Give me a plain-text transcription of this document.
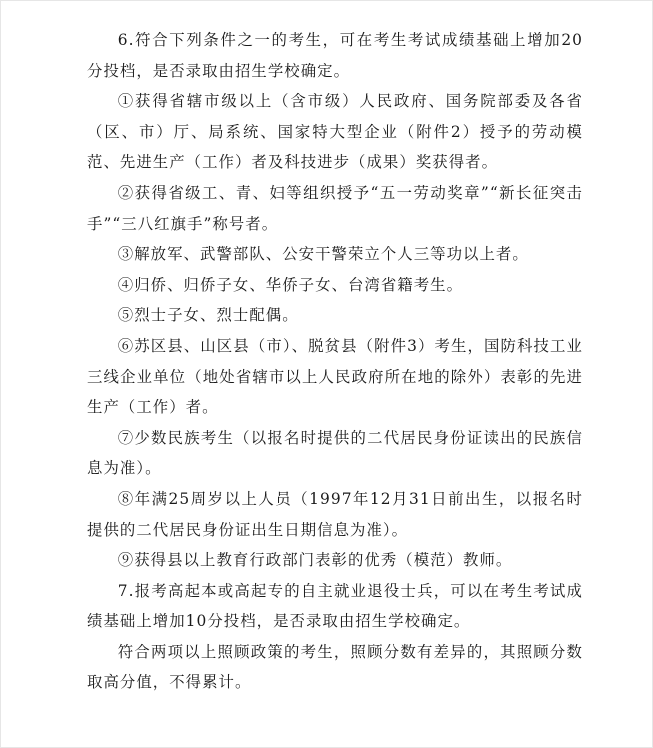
6.符合下列条件之一的考生，可在考生考试成绩基础上增加20分投档，是否录取由招生学校确定。

①获得省辖市级以上（含市级）人民政府、国务院部委及各省（区、市）厅、局系统、国家特大型企业（附件2）授予的劳动模范、先进生产（工作）者及科技进步（成果）奖获得者。

②获得省级工、青、妇等组织授予“五一劳动奖章”“新长征突击手”“三八红旗手”称号者。

③解放军、武警部队、公安干警荣立个人三等功以上者。

④归侨、归侨子女、华侨子女、台湾省籍考生。

⑤烈士子女、烈士配偶。

⑥苏区县、山区县（市）、脱贫县（附件3）考生，国防科技工业三线企业单位（地处省辖市以上人民政府所在地的除外）表彰的先进生产（工作）者。

⑦少数民族考生（以报名时提供的二代居民身份证读出的民族信息为准）。

⑧年满25周岁以上人员（1997年12月31日前出生，以报名时提供的二代居民身份证出生日期信息为准）。

⑨获得县以上教育行政部门表彰的优秀（模范）教师。

7.报考高起本或高起专的自主就业退役士兵，可以在考生考试成绩基础上增加10分投档，是否录取由招生学校确定。

符合两项以上照顾政策的考生，照顾分数有差异的，其照顾分数取高分值，不得累计。
